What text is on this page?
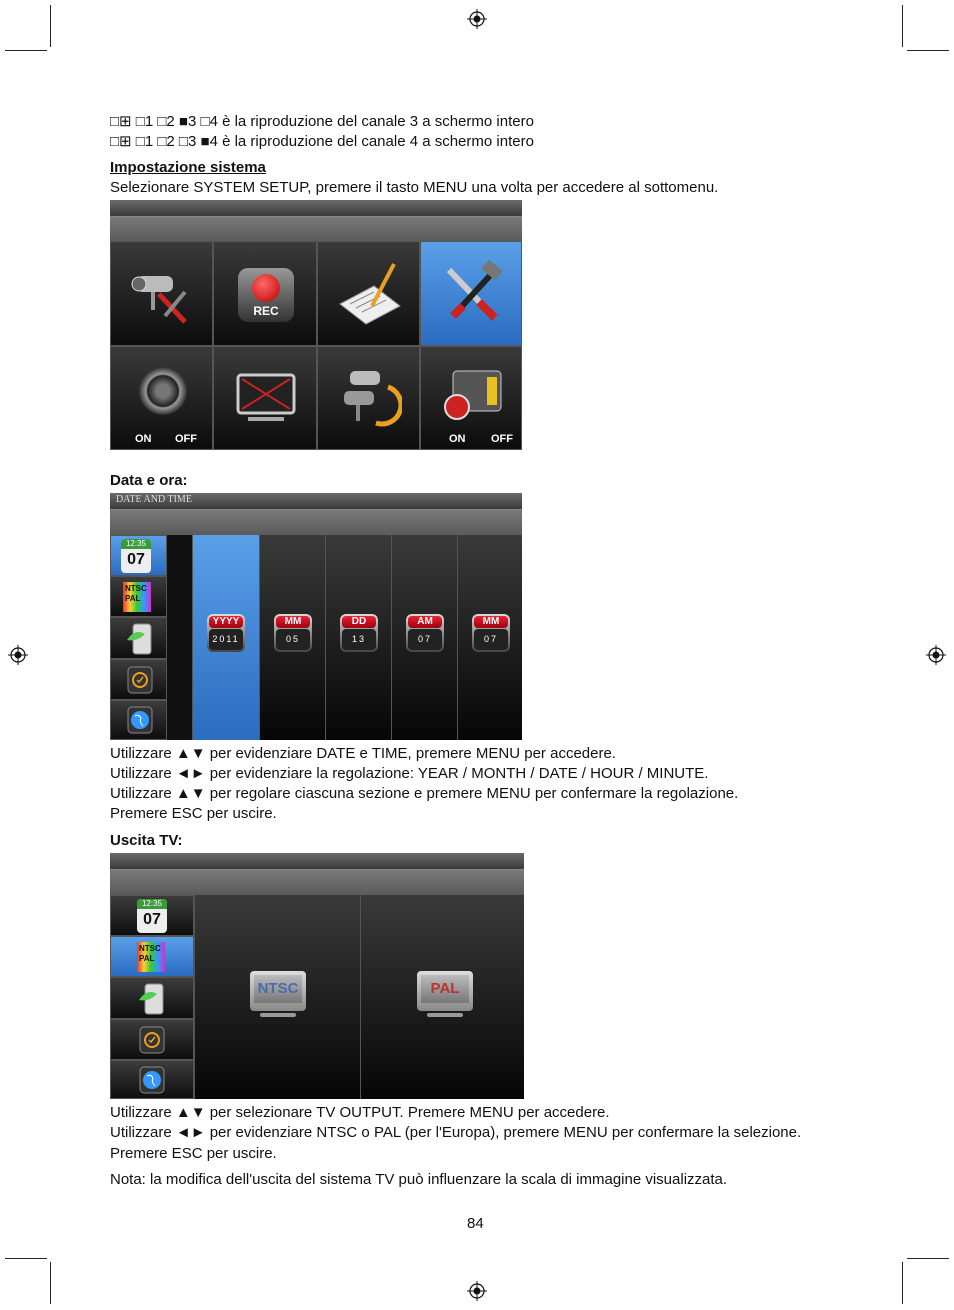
□⊞ □1 □2 ■3 □4 è la riproduzione del canale 3 a schermo intero
□⊞ □1 □2 □3 ■4 è la riproduzione del canale 4 a schermo intero
Impostazione sistema
Selezionare SYSTEM SETUP, premere il tasto MENU una volta per accedere al sottomenu.
REC
ON OFF	ON OFF
Data e ora:
DATE AND TIME
12:35
07
NTSC PAL
YYYY
2011
MM
05
DD
13
AM
07
MM
07
Utilizzare ▲▼ per evidenziare DATE e TIME, premere MENU per accedere.
Utilizzare ◄► per evidenziare la regolazione: YEAR / MONTH / DATE / HOUR / MINUTE.
Utilizzare ▲▼ per regolare ciascuna sezione e premere MENU per confermare la regolazione.
Premere ESC per uscire.
Uscita TV:
12:35
07
NTSC PAL
NTSC	PAL
Utilizzare ▲▼ per selezionare TV OUTPUT. Premere MENU per accedere.
Utilizzare ◄► per evidenziare NTSC o PAL (per l'Europa), premere MENU per confermare la selezione.
Premere ESC per uscire.
Nota: la modifica dell'uscita del sistema TV può influenzare la scala di immagine visualizzata.
84
